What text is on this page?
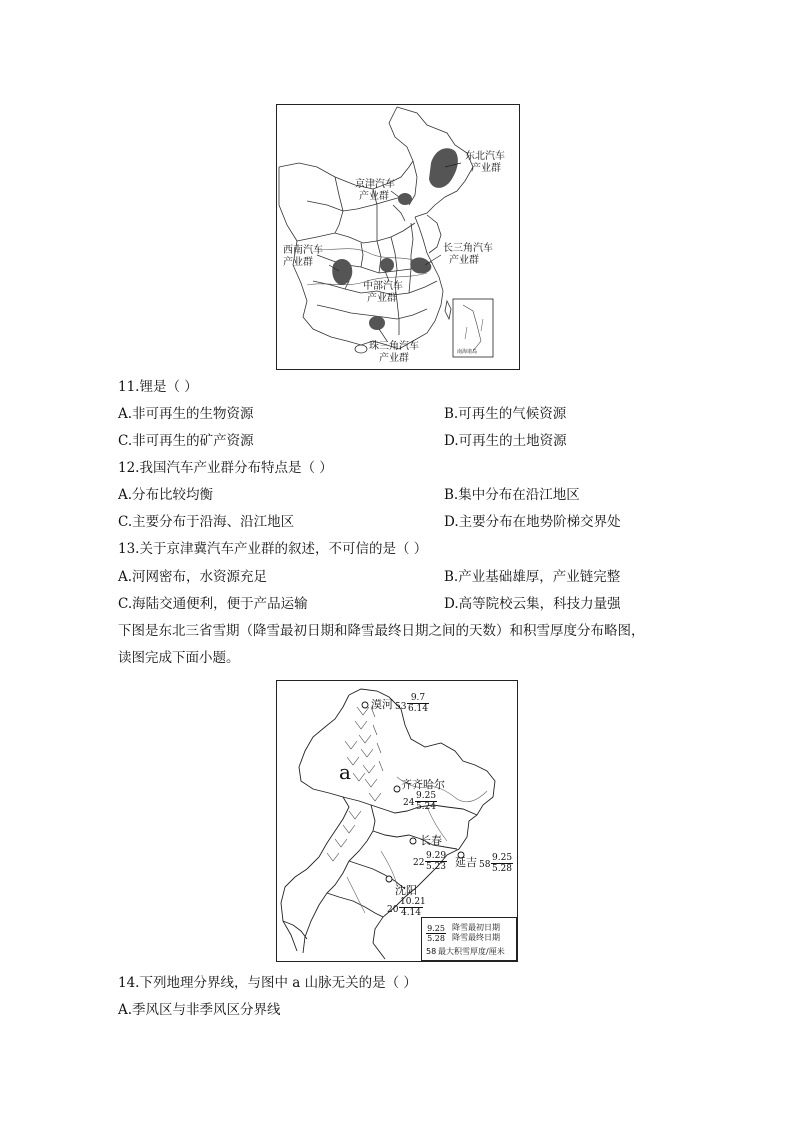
东北汽车
产业群
京津汽车
产业群
西南汽车
产业群
长三角汽车
产业群
中部汽车
产业群
珠三角汽车
产业群
南海诸岛
11.锂是（ ）
A.非可再生的生物资源	B.可再生的气候资源
C.非可再生的矿产资源	D.可再生的土地资源
12.我国汽车产业群分布特点是（ ）
A.分布比较均衡	B.集中分布在沿江地区
C.主要分布于沿海、沿江地区	D.主要分布在地势阶梯交界处
13.关于京津冀汽车产业群的叙述，不可信的是（ ）
A.河网密布，水资源充足	B.产业基础雄厚，产业链完整
C.海陆交通便利，便于产品运输	D.高等院校云集，科技力量强
下图是东北三省雪期（降雪最初日期和降雪最终日期之间的天数）和积雪厚度分布略图，
读图完成下面小题。
a
漠河 $53 \frac{9.7}{6.14}$
齐齐哈尔
$24 \frac{9.25}{5.24}$
长春
$22 \frac{9.29}{5.23}$ 延吉 $58 \frac{9.25}{5.28}$
沈阳
$20 \frac{10.21}{4.14}$
$\frac{9.25}{5.28}$ 降雪最初日期
降雪最终日期
58 最大积雪厚度/厘米
14.下列地理分界线，与图中 a 山脉无关的是（ ）
A.季风区与非季风区分界线
